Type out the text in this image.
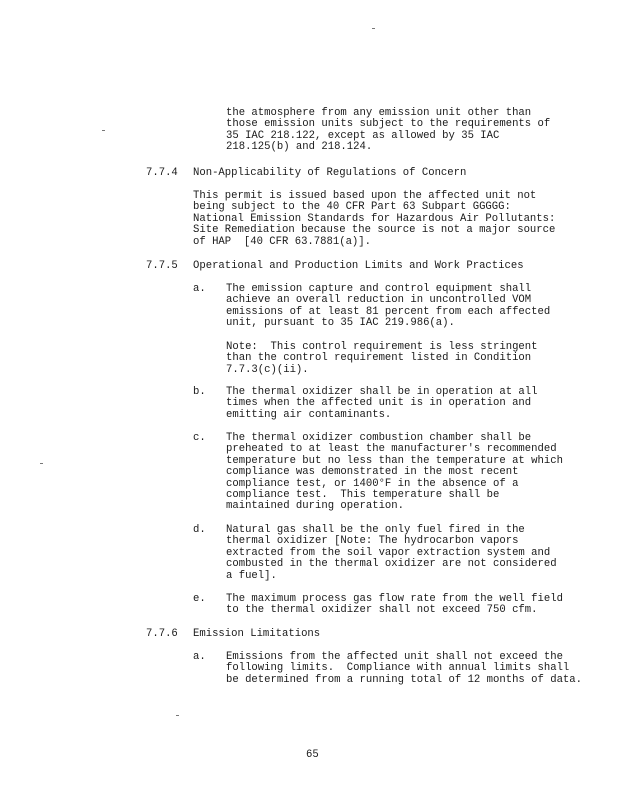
the atmosphere from any emission unit other than
those emission units subject to the requirements of
35 IAC 218.122, except as allowed by 35 IAC
218.125(b) and 218.124.
7.7.4 Non-Applicability of Regulations of Concern
This permit is issued based upon the affected unit not
being subject to the 40 CFR Part 63 Subpart GGGGG:
National Emission Standards for Hazardous Air Pollutants:
Site Remediation because the source is not a major source
of HAP  [40 CFR 63.7881(a)].
7.7.5 Operational and Production Limits and Work Practices
a. The emission capture and control equipment shall
achieve an overall reduction in uncontrolled VOM
emissions of at least 81 percent from each affected
unit, pursuant to 35 IAC 219.986(a).
Note:  This control requirement is less stringent
than the control requirement listed in Condition
7.7.3(c)(ii).
b. The thermal oxidizer shall be in operation at all
times when the affected unit is in operation and
emitting air contaminants.
c. The thermal oxidizer combustion chamber shall be
preheated to at least the manufacturer's recommended
temperature but no less than the temperature at which
compliance was demonstrated in the most recent
compliance test, or 1400°F in the absence of a
compliance test.  This temperature shall be
maintained during operation.
d. Natural gas shall be the only fuel fired in the
thermal oxidizer [Note: The hydrocarbon vapors
extracted from the soil vapor extraction system and
combusted in the thermal oxidizer are not considered
a fuel].
e. The maximum process gas flow rate from the well field
to the thermal oxidizer shall not exceed 750 cfm.
7.7.6 Emission Limitations
a. Emissions from the affected unit shall not exceed the
following limits.  Compliance with annual limits shall
be determined from a running total of 12 months of data.
65
